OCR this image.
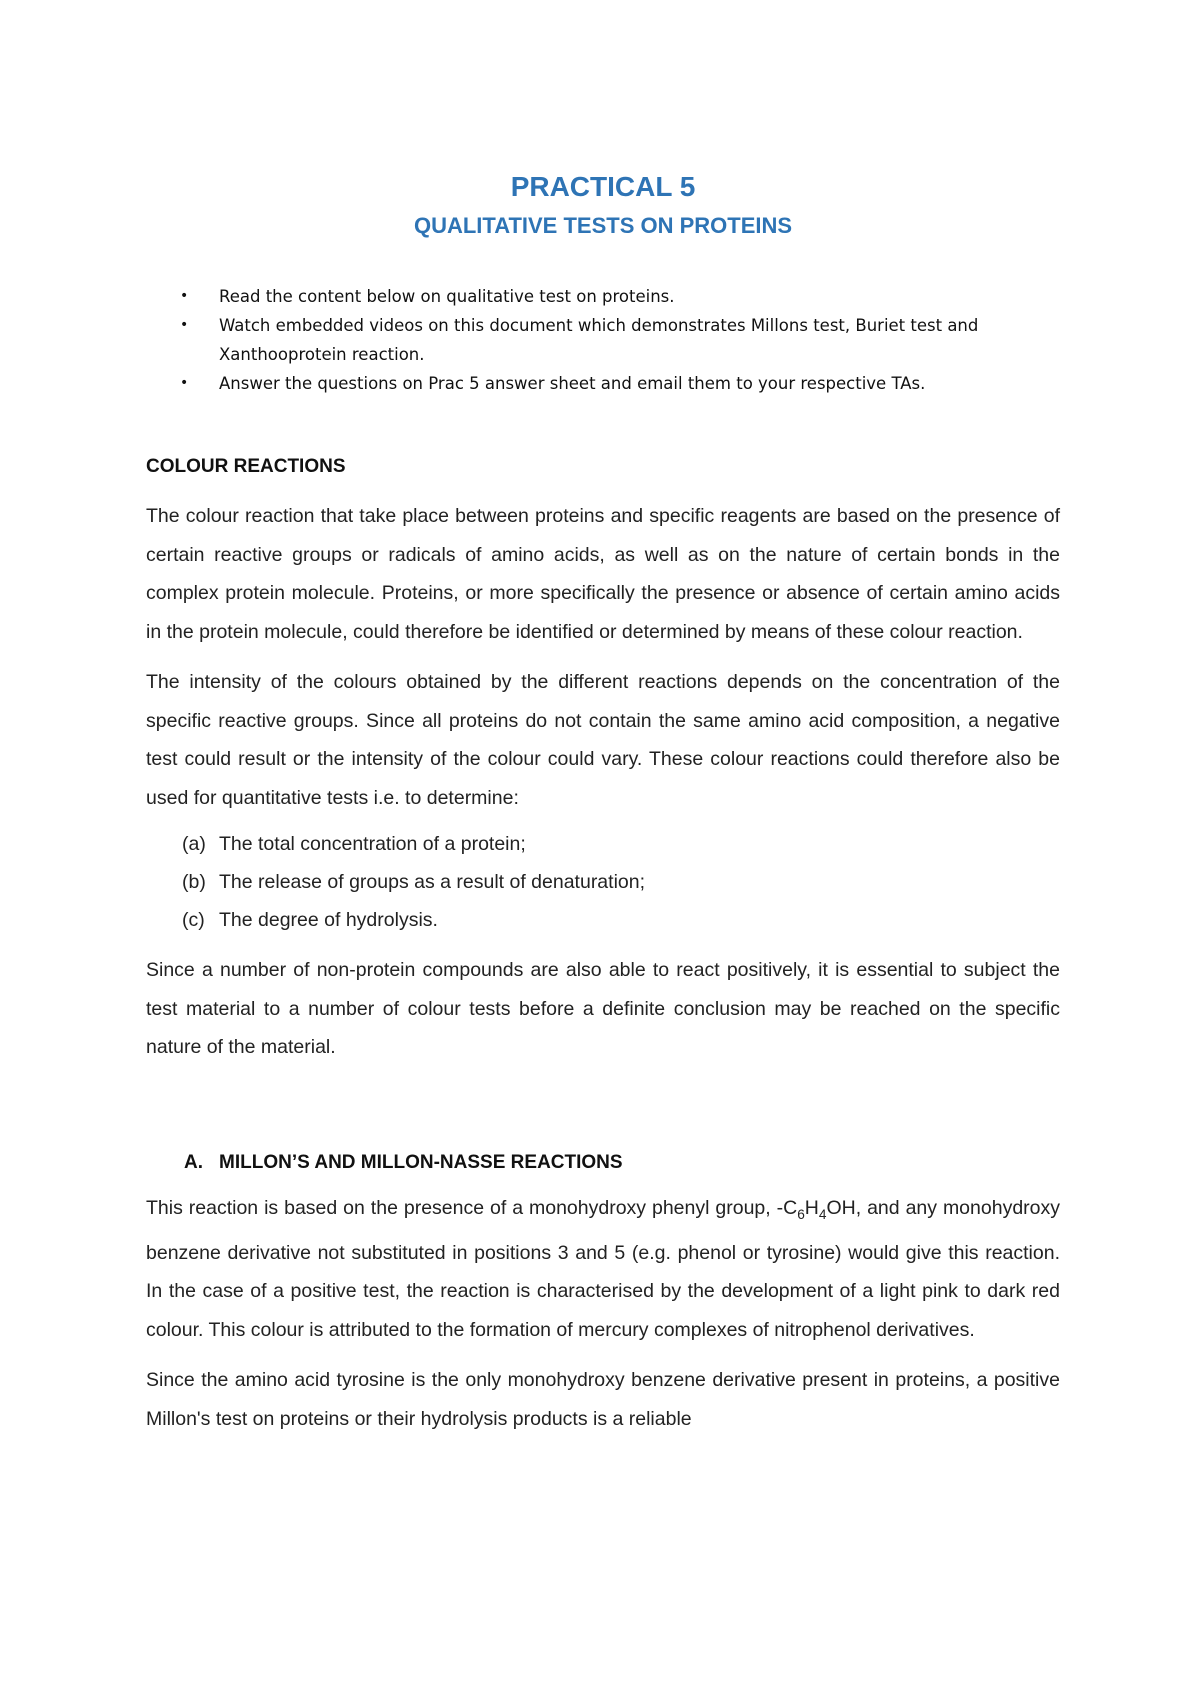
PRACTICAL 5
QUALITATIVE TESTS ON PROTEINS
• Read the content below on qualitative test on proteins.
• Watch embedded videos on this document which demonstrates Millons test, Buriet test and Xanthooprotein reaction.
• Answer the questions on Prac 5 answer sheet and email them to your respective TAs.
COLOUR REACTIONS

The colour reaction that take place between proteins and specific reagents are based on the presence of certain reactive groups or radicals of amino acids, as well as on the nature of certain bonds in the complex protein molecule. Proteins, or more specifically the presence or absence of certain amino acids in the protein molecule, could therefore be identified or determined by means of these colour reaction.

The intensity of the colours obtained by the different reactions depends on the concentration of the specific reactive groups. Since all proteins do not contain the same amino acid composition, a negative test could result or the intensity of the colour could vary. These colour reactions could therefore also be used for quantitative tests i.e. to determine:

(a) The total concentration of a protein;
(b) The release of groups as a result of denaturation;
(c) The degree of hydrolysis.

Since a number of non-protein compounds are also able to react positively, it is essential to subject the test material to a number of colour tests before a definite conclusion may be reached on the specific nature of the material.

A. MILLON’S AND MILLON-NASSE REACTIONS

This reaction is based on the presence of a monohydroxy phenyl group, $-C_6H_4OH$, and any monohydroxy benzene derivative not substituted in positions 3 and 5 (e.g. phenol or tyrosine) would give this reaction. In the case of a positive test, the reaction is characterised by the development of a light pink to dark red colour. This colour is attributed to the formation of mercury complexes of nitrophenol derivatives.

Since the amino acid tyrosine is the only monohydroxy benzene derivative present in proteins, a positive Millon's test on proteins or their hydrolysis products is a reliable
